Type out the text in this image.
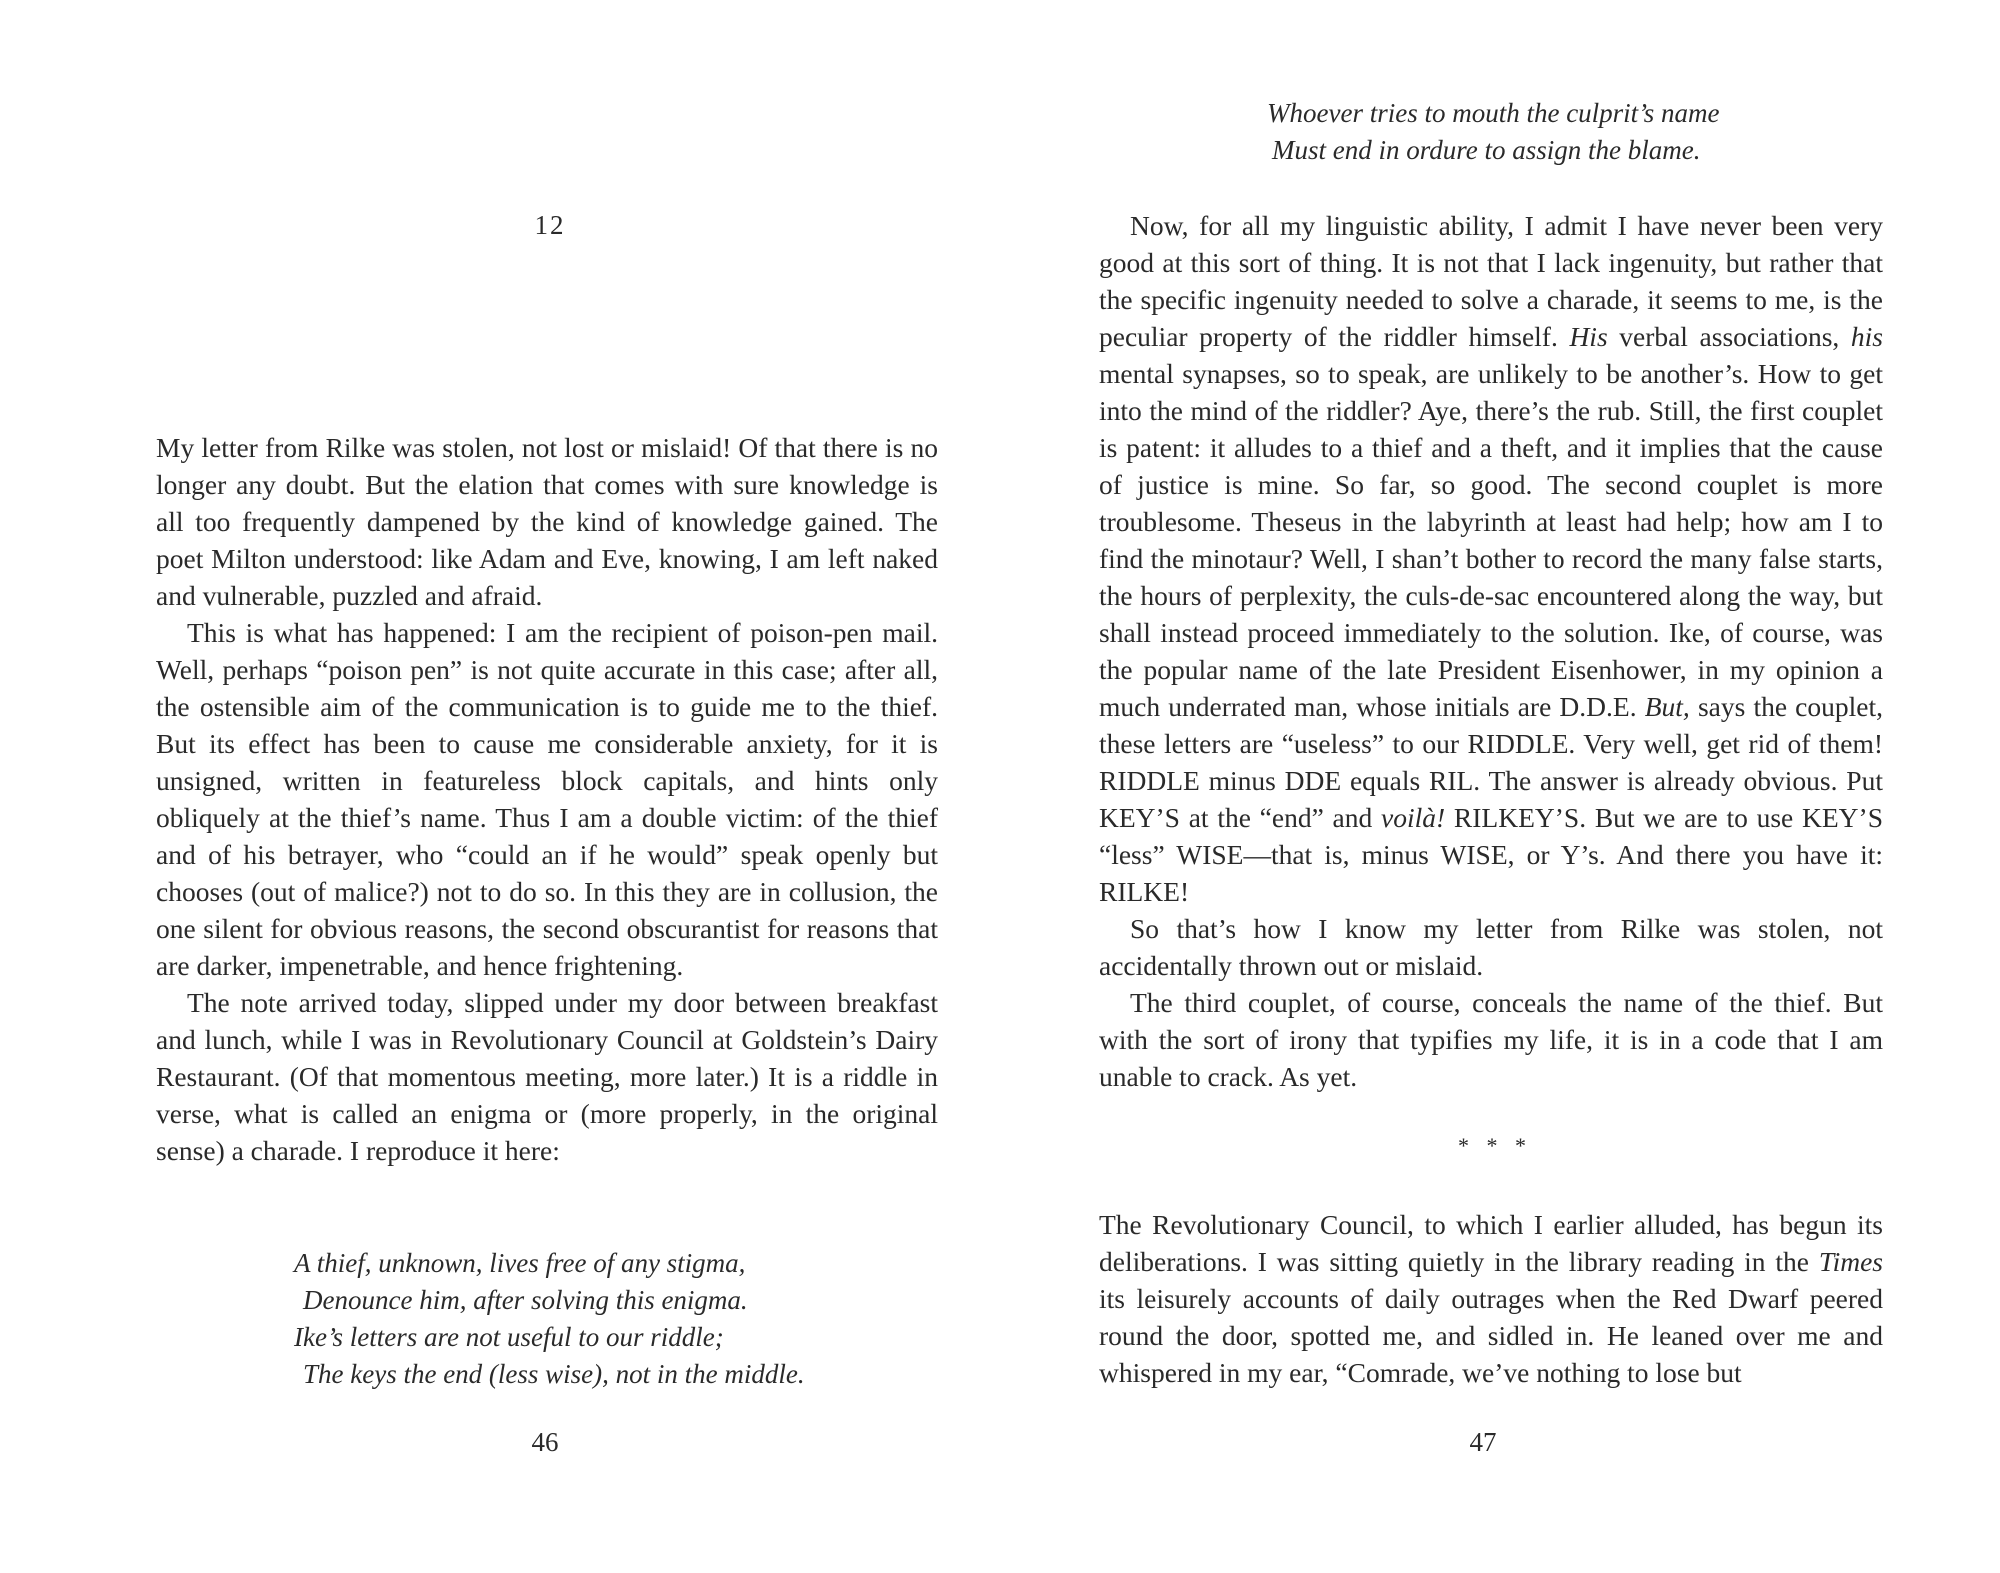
12

My letter from Rilke was stolen, not lost or mislaid! Of that there is no longer any doubt. But the elation that comes with sure knowledge is all too frequently dampened by the kind of knowledge gained. The poet Milton understood: like Adam and Eve, knowing, I am left naked and vulnerable, puzzled and afraid.

This is what has happened: I am the recipient of poison-pen mail. Well, perhaps “poison pen” is not quite accurate in this case; after all, the ostensible aim of the communication is to guide me to the thief. But its effect has been to cause me considerable anxiety, for it is unsigned, written in featureless block capitals, and hints only obliquely at the thief’s name. Thus I am a double victim: of the thief and of his betrayer, who “could an if he would” speak openly but chooses (out of malice?) not to do so. In this they are in collusion, the one silent for obvious reasons, the second obscurantist for reasons that are darker, impenetrable, and hence frightening.

The note arrived today, slipped under my door between breakfast and lunch, while I was in Revolutionary Council at Goldstein’s Dairy Restaurant. (Of that momentous meeting, more later.) It is a riddle in verse, what is called an enigma or (more properly, in the original sense) a charade. I reproduce it here:

A thief, unknown, lives free of any stigma,
Denounce him, after solving this enigma.
Ike’s letters are not useful to our riddle;
The keys the end (less wise), not in the middle.
46
Whoever tries to mouth the culprit’s name
Must end in ordure to assign the blame.

Now, for all my linguistic ability, I admit I have never been very good at this sort of thing. It is not that I lack ingenuity, but rather that the specific ingenuity needed to solve a charade, it seems to me, is the peculiar property of the riddler himself. His verbal associations, his mental synapses, so to speak, are unlikely to be another’s. How to get into the mind of the riddler? Aye, there’s the rub. Still, the first couplet is patent: it alludes to a thief and a theft, and it implies that the cause of justice is mine. So far, so good. The second couplet is more troublesome. Theseus in the labyrinth at least had help; how am I to find the minotaur? Well, I shan’t bother to record the many false starts, the hours of perplexity, the culs-de-sac encountered along the way, but shall instead proceed immediately to the solution. Ike, of course, was the popular name of the late President Eisenhower, in my opinion a much underrated man, whose initials are D.D.E. But, says the couplet, these letters are “useless” to our RIDDLE. Very well, get rid of them! RIDDLE minus DDE equals RIL. The answer is already obvious. Put KEY’S at the “end” and voilà! RILKEY’S. But we are to use KEY’S “less” WISE—that is, minus WISE, or Y’s. And there you have it: RILKE!

So that’s how I know my letter from Rilke was stolen, not accidentally thrown out or mislaid.

The third couplet, of course, conceals the name of the thief. But with the sort of irony that typifies my life, it is in a code that I am unable to crack. As yet.

* * *

The Revolutionary Council, to which I earlier alluded, has begun its deliberations. I was sitting quietly in the library reading in the Times its leisurely accounts of daily outrages when the Red Dwarf peered round the door, spotted me, and sidled in. He leaned over me and whispered in my ear, “Comrade, we’ve nothing to lose but

47
